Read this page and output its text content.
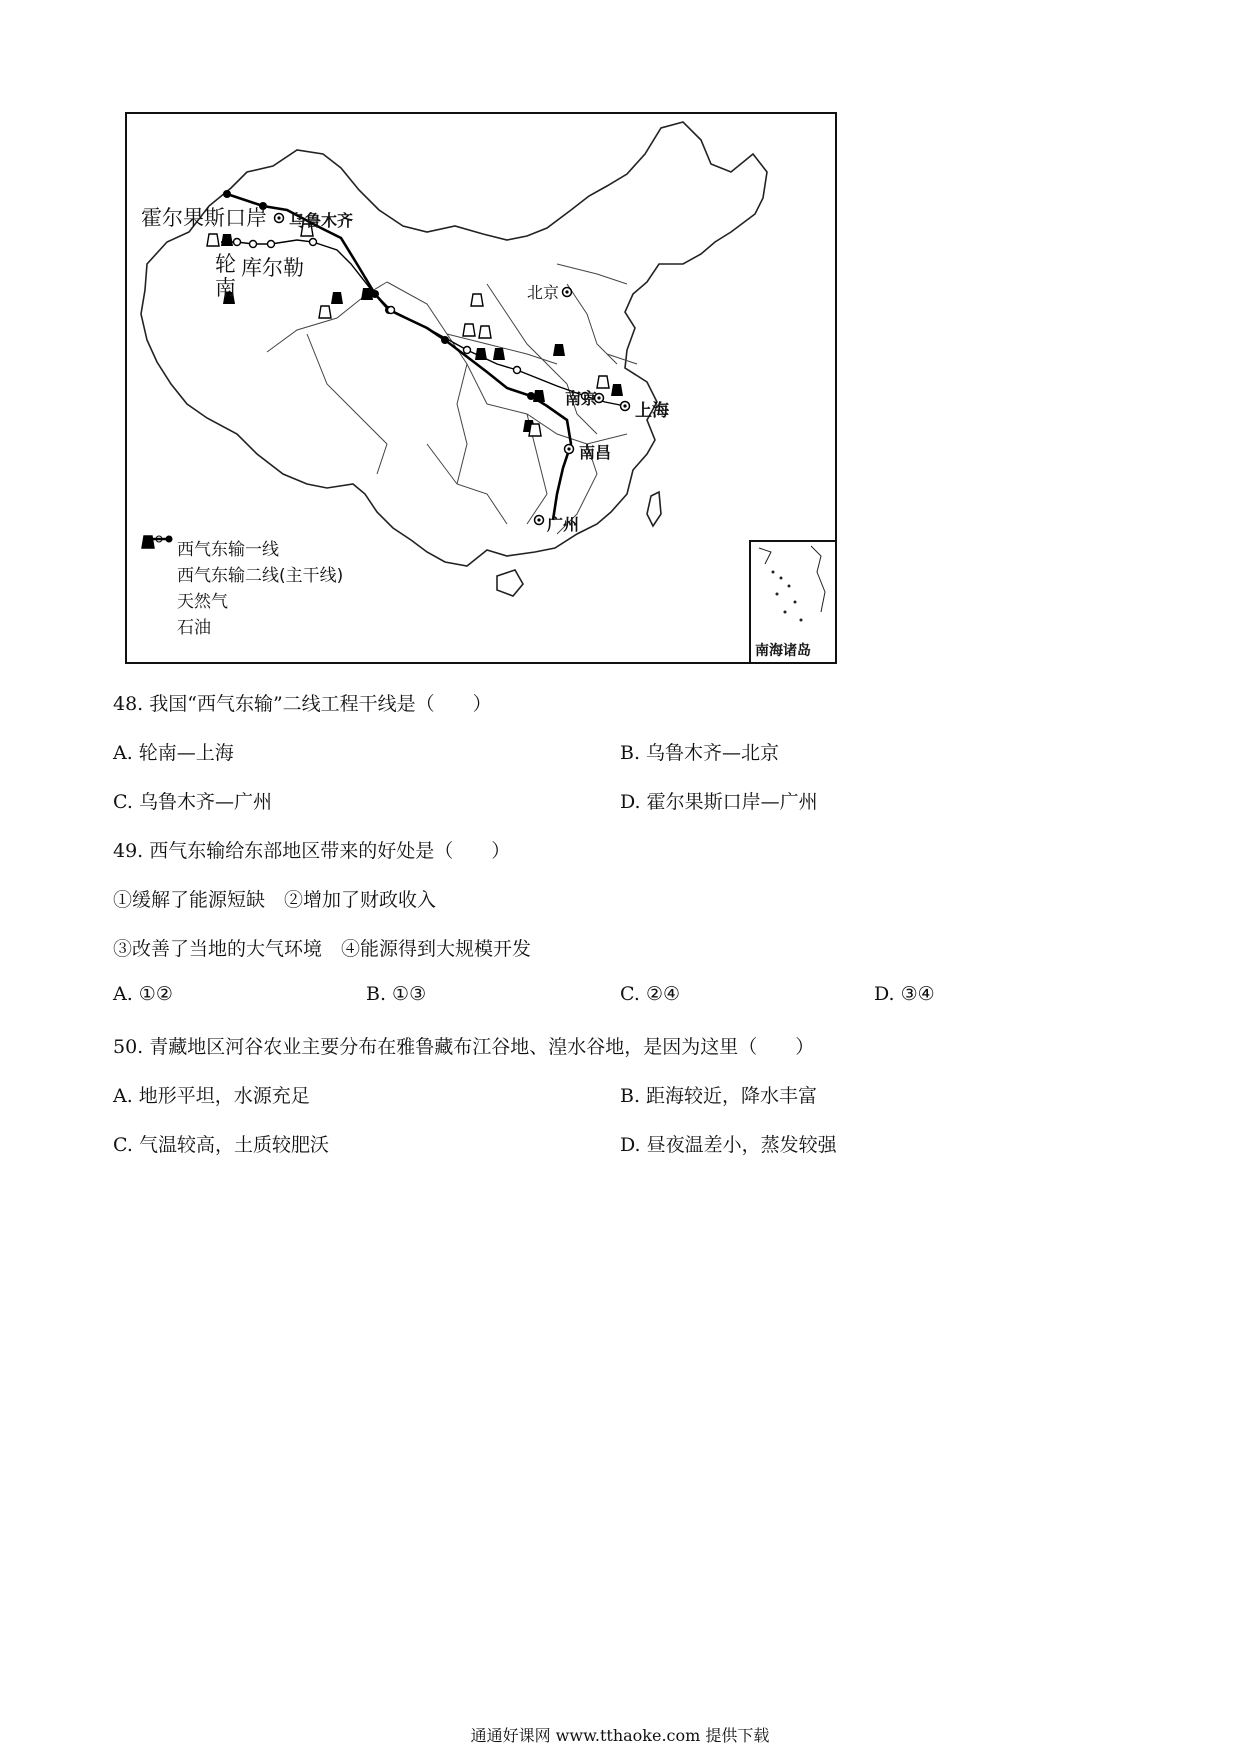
霍尔果斯口岸 乌鲁木齐
轮
南
库尔勒
北京
南京
上海
南昌
广州
西气东输一线
西气东输二线(主干线)
天然气
石油
南海诸岛
48. 我国“西气东输”二线工程干线是（　　）
A. 轮南—上海	B. 乌鲁木齐—北京
C. 乌鲁木齐—广州	D. 霍尔果斯口岸—广州
49. 西气东输给东部地区带来的好处是（　　）
①缓解了能源短缺　②增加了财政收入
③改善了当地的大气环境　④能源得到大规模开发
A. ①②	B. ①③	C. ②④	D. ③④
50. 青藏地区河谷农业主要分布在雅鲁藏布江谷地、湟水谷地，是因为这里（　　）
A. 地形平坦，水源充足	B. 距海较近，降水丰富
C. 气温较高，土质较肥沃	D. 昼夜温差小，蒸发较强
通通好课网 www.tthaoke.com 提供下载
